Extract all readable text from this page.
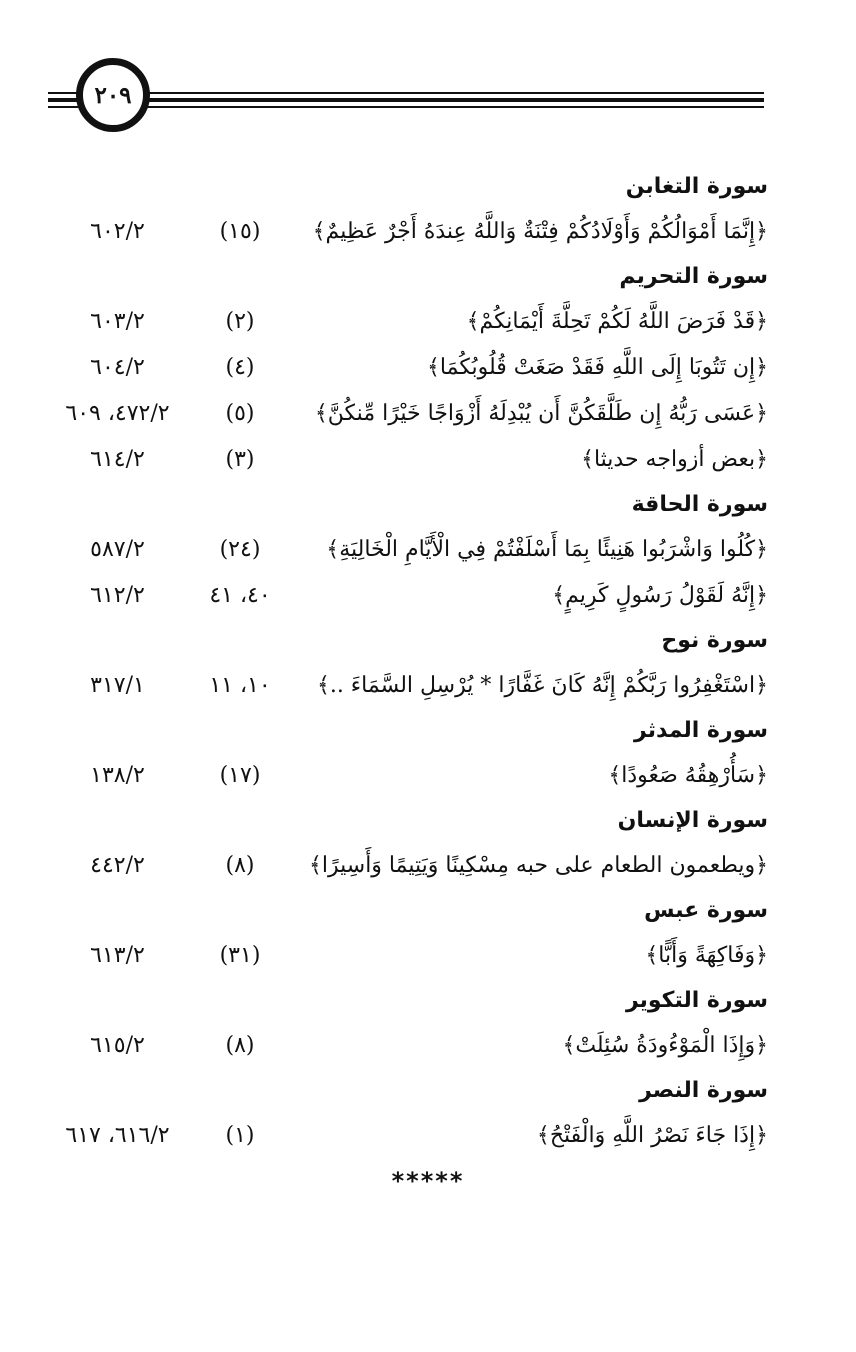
٢٠٩
سورة التغابن
﴿إِنَّمَا أَمْوَالُكُمْ وَأَوْلَادُكُمْ فِتْنَةٌ وَاللَّهُ عِندَهُ أَجْرٌ عَظِيمٌ﴾
(١٥)
٦٠٢/٢
سورة التحريم
﴿قَدْ فَرَضَ اللَّهُ لَكُمْ تَحِلَّةَ أَيْمَانِكُمْ﴾
(٢)
٦٠٣/٢
﴿إِن تَتُوبَا إِلَى اللَّهِ فَقَدْ صَغَتْ قُلُوبُكُمَا﴾
(٤)
٦٠٤/٢
﴿عَسَى رَبُّهُ إِن طَلَّقَكُنَّ أَن يُبْدِلَهُ أَزْوَاجًا خَيْرًا مِّنكُنَّ﴾
(٥)
٤٧٢/٢، ٦٠٩
﴿بعض أزواجه حديثا﴾
(٣)
٦١٤/٢
سورة الحاقة
﴿كُلُوا وَاشْرَبُوا هَنِيئًا بِمَا أَسْلَفْتُمْ فِي الْأَيَّامِ الْخَالِيَةِ﴾
(٢٤)
٥٨٧/٢
﴿إِنَّهُ لَقَوْلُ رَسُولٍ كَرِيمٍ﴾
٤٠، ٤١
٦١٢/٢
سورة نوح
﴿اسْتَغْفِرُوا رَبَّكُمْ إِنَّهُ كَانَ غَفَّارًا * يُرْسِلِ السَّمَاءَ ..﴾
١٠، ١١
٣١٧/١
سورة المدثر
﴿سَأُرْهِقُهُ صَعُودًا﴾
(١٧)
١٣٨/٢
سورة الإنسان
﴿ويطعمون الطعام على حبه مِسْكِينًا وَيَتِيمًا وَأَسِيرًا﴾
(٨)
٤٤٢/٢
سورة عبس
﴿وَفَاكِهَةً وَأَبًّا﴾
(٣١)
٦١٣/٢
سورة التكوير
﴿وَإِذَا الْمَوْءُودَةُ سُئِلَتْ﴾
(٨)
٦١٥/٢
سورة النصر
﴿إِذَا جَاءَ نَصْرُ اللَّهِ وَالْفَتْحُ﴾
(١)
٦١٦/٢، ٦١٧
*****
